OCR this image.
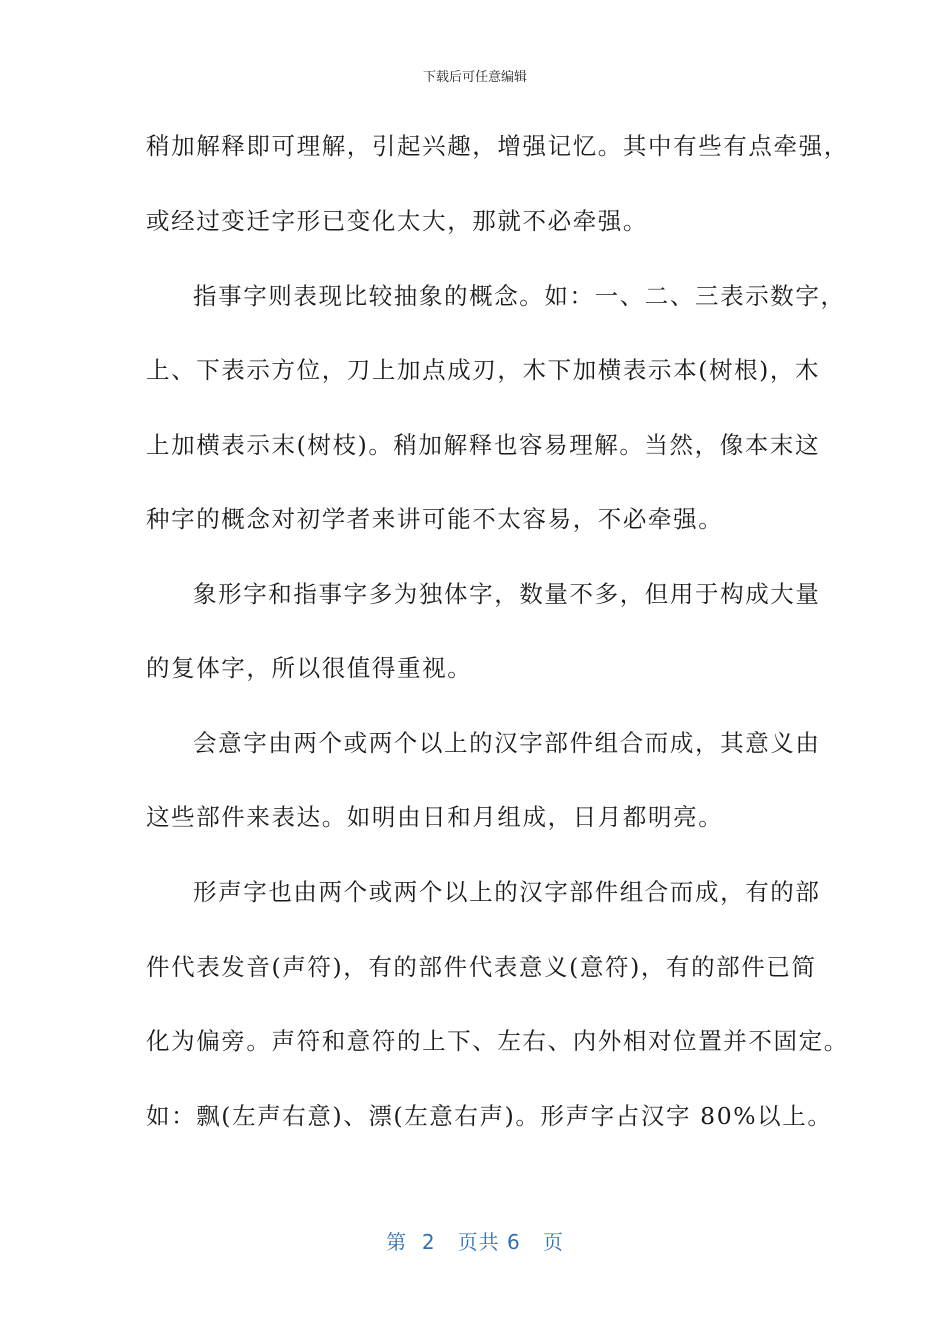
下载后可任意编辑
稍加解释即可理解，引起兴趣，增强记忆。其中有些有点牵强，
或经过变迁字形已变化太大，那就不必牵强。
指事字则表现比较抽象的概念。如：一、二、三表示数字，
上、下表示方位，刀上加点成刃，木下加横表示本(树根)，木
上加横表示末(树枝)。稍加解释也容易理解。当然，像本末这
种字的概念对初学者来讲可能不太容易，不必牵强。
象形字和指事字多为独体字，数量不多，但用于构成大量
的复体字，所以很值得重视。
会意字由两个或两个以上的汉字部件组合而成，其意义由
这些部件来表达。如明由日和月组成，日月都明亮。
形声字也由两个或两个以上的汉字部件组合而成，有的部
件代表发音(声符)，有的部件代表意义(意符)，有的部件已简
化为偏旁。声符和意符的上下、左右、内外相对位置并不固定。
如：飘(左声右意)、漂(左意右声)。形声字占汉字 80%以上。
第  2   页共 6   页
